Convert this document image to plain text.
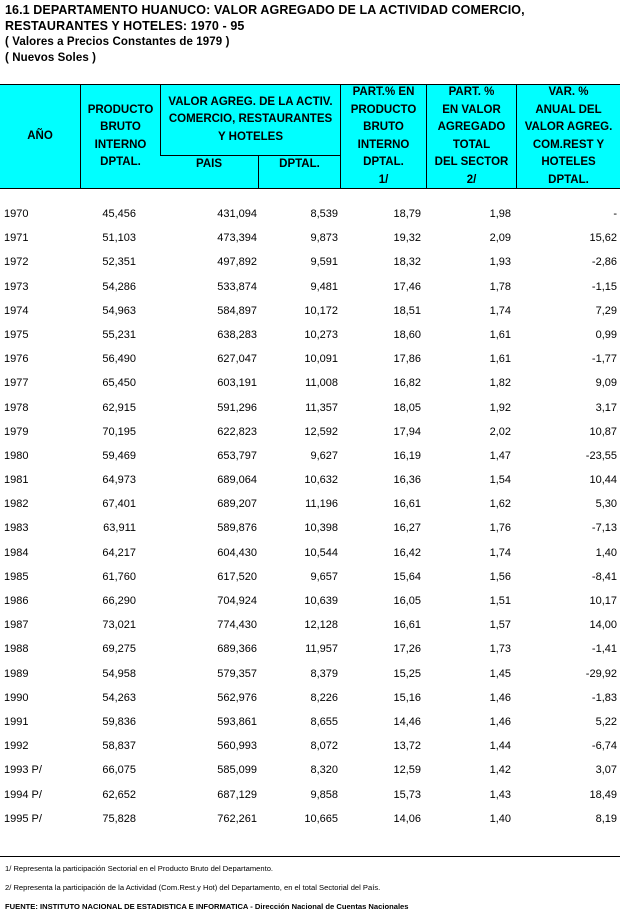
16.1 DEPARTAMENTO HUANUCO: VALOR AGREGADO DE LA ACTIVIDAD COMERCIO,
RESTAURANTES Y HOTELES: 1970 - 95
( Valores a Precios Constantes de 1979 )
( Nuevos Soles )
AÑO
PRODUCTO
BRUTO
INTERNO
DPTAL.
VALOR AGREG. DE LA ACTIV.
COMERCIO, RESTAURANTES
Y HOTELES
PAIS	DPTAL.
PART.% EN
PRODUCTO
BRUTO
INTERNO
DPTAL.
1/
PART. %
EN VALOR
AGREGADO
TOTAL
DEL SECTOR
2/
VAR. %
ANUAL DEL
VALOR AGREG.
COM.REST Y
HOTELES
DPTAL.
1970	45,456	431,094	8,539	18,79	1,98	-
1971	51,103	473,394	9,873	19,32	2,09	15,62
1972	52,351	497,892	9,591	18,32	1,93	-2,86
1973	54,286	533,874	9,481	17,46	1,78	-1,15
1974	54,963	584,897	10,172	18,51	1,74	7,29
1975	55,231	638,283	10,273	18,60	1,61	0,99
1976	56,490	627,047	10,091	17,86	1,61	-1,77
1977	65,450	603,191	11,008	16,82	1,82	9,09
1978	62,915	591,296	11,357	18,05	1,92	3,17
1979	70,195	622,823	12,592	17,94	2,02	10,87
1980	59,469	653,797	9,627	16,19	1,47	-23,55
1981	64,973	689,064	10,632	16,36	1,54	10,44
1982	67,401	689,207	11,196	16,61	1,62	5,30
1983	63,911	589,876	10,398	16,27	1,76	-7,13
1984	64,217	604,430	10,544	16,42	1,74	1,40
1985	61,760	617,520	9,657	15,64	1,56	-8,41
1986	66,290	704,924	10,639	16,05	1,51	10,17
1987	73,021	774,430	12,128	16,61	1,57	14,00
1988	69,275	689,366	11,957	17,26	1,73	-1,41
1989	54,958	579,357	8,379	15,25	1,45	-29,92
1990	54,263	562,976	8,226	15,16	1,46	-1,83
1991	59,836	593,861	8,655	14,46	1,46	5,22
1992	58,837	560,993	8,072	13,72	1,44	-6,74
1993 P/	66,075	585,099	8,320	12,59	1,42	3,07
1994 P/	62,652	687,129	9,858	15,73	1,43	18,49
1995 P/	75,828	762,261	10,665	14,06	1,40	8,19
1/ Representa la participación Sectorial en el Producto Bruto del Departamento.
2/ Representa la participación de la Actividad (Com.Rest.y Hot) del Departamento, en el total Sectorial del País.
FUENTE: INSTITUTO NACIONAL DE ESTADISTICA E INFORMATICA - Dirección Nacional de Cuentas Nacionales
